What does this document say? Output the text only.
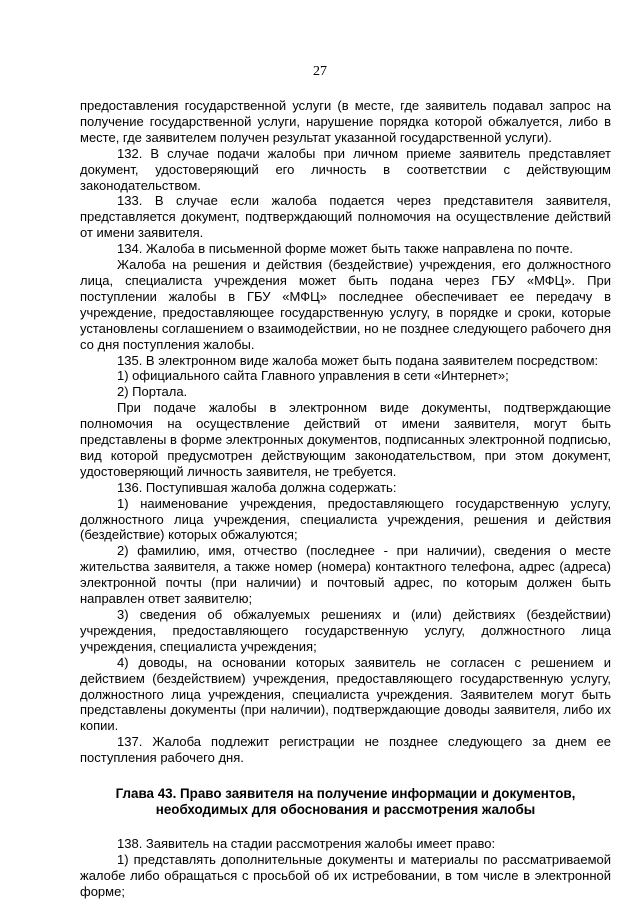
27

предоставления государственной услуги (в месте, где заявитель подавал запрос на получение государственной услуги, нарушение порядка которой обжалуется, либо в месте, где заявителем получен результат указанной государственной услуги).

132. В случае подачи жалобы при личном приеме заявитель представляет документ, удостоверяющий его личность в соответствии с действующим законодательством.

133. В случае если жалоба подается через представителя заявителя, представляется документ, подтверждающий полномочия на осуществление действий от имени заявителя.

134. Жалоба в письменной форме может быть также направлена по почте.

Жалоба на решения и действия (бездействие) учреждения, его должностного лица, специалиста учреждения может быть подана через ГБУ «МФЦ». При поступлении жалобы в ГБУ «МФЦ» последнее обеспечивает ее передачу в учреждение, предоставляющее государственную услугу, в порядке и сроки, которые установлены соглашением о взаимодействии, но не позднее следующего рабочего дня со дня поступления жалобы.

135. В электронном виде жалоба может быть подана заявителем посредством:

1) официального сайта Главного управления в сети «Интернет»;

2) Портала.

При подаче жалобы в электронном виде документы, подтверждающие полномочия на осуществление действий от имени заявителя, могут быть представлены в форме электронных документов, подписанных электронной подписью, вид которой предусмотрен действующим законодательством, при этом документ, удостоверяющий личность заявителя, не требуется.

136. Поступившая жалоба должна содержать:

1) наименование учреждения, предоставляющего государственную услугу, должностного лица учреждения, специалиста учреждения, решения и действия (бездействие) которых обжалуются;

2) фамилию, имя, отчество (последнее - при наличии), сведения о месте жительства заявителя, а также номер (номера) контактного телефона, адрес (адреса) электронной почты (при наличии) и почтовый адрес, по которым должен быть направлен ответ заявителю;

3) сведения об обжалуемых решениях и (или) действиях (бездействии) учреждения, предоставляющего государственную услугу, должностного лица учреждения, специалиста учреждения;

4) доводы, на основании которых заявитель не согласен с решением и действием (бездействием) учреждения, предоставляющего государственную услугу, должностного лица учреждения, специалиста учреждения. Заявителем могут быть представлены документы (при наличии), подтверждающие доводы заявителя, либо их копии.

137. Жалоба подлежит регистрации не позднее следующего за днем ее поступления рабочего дня.

Глава 43. Право заявителя на получение информации и документов,
необходимых для обоснования и рассмотрения жалобы

138. Заявитель на стадии рассмотрения жалобы имеет право:

1) представлять дополнительные документы и материалы по рассматриваемой жалобе либо обращаться с просьбой об их истребовании, в том числе в электронной форме;
